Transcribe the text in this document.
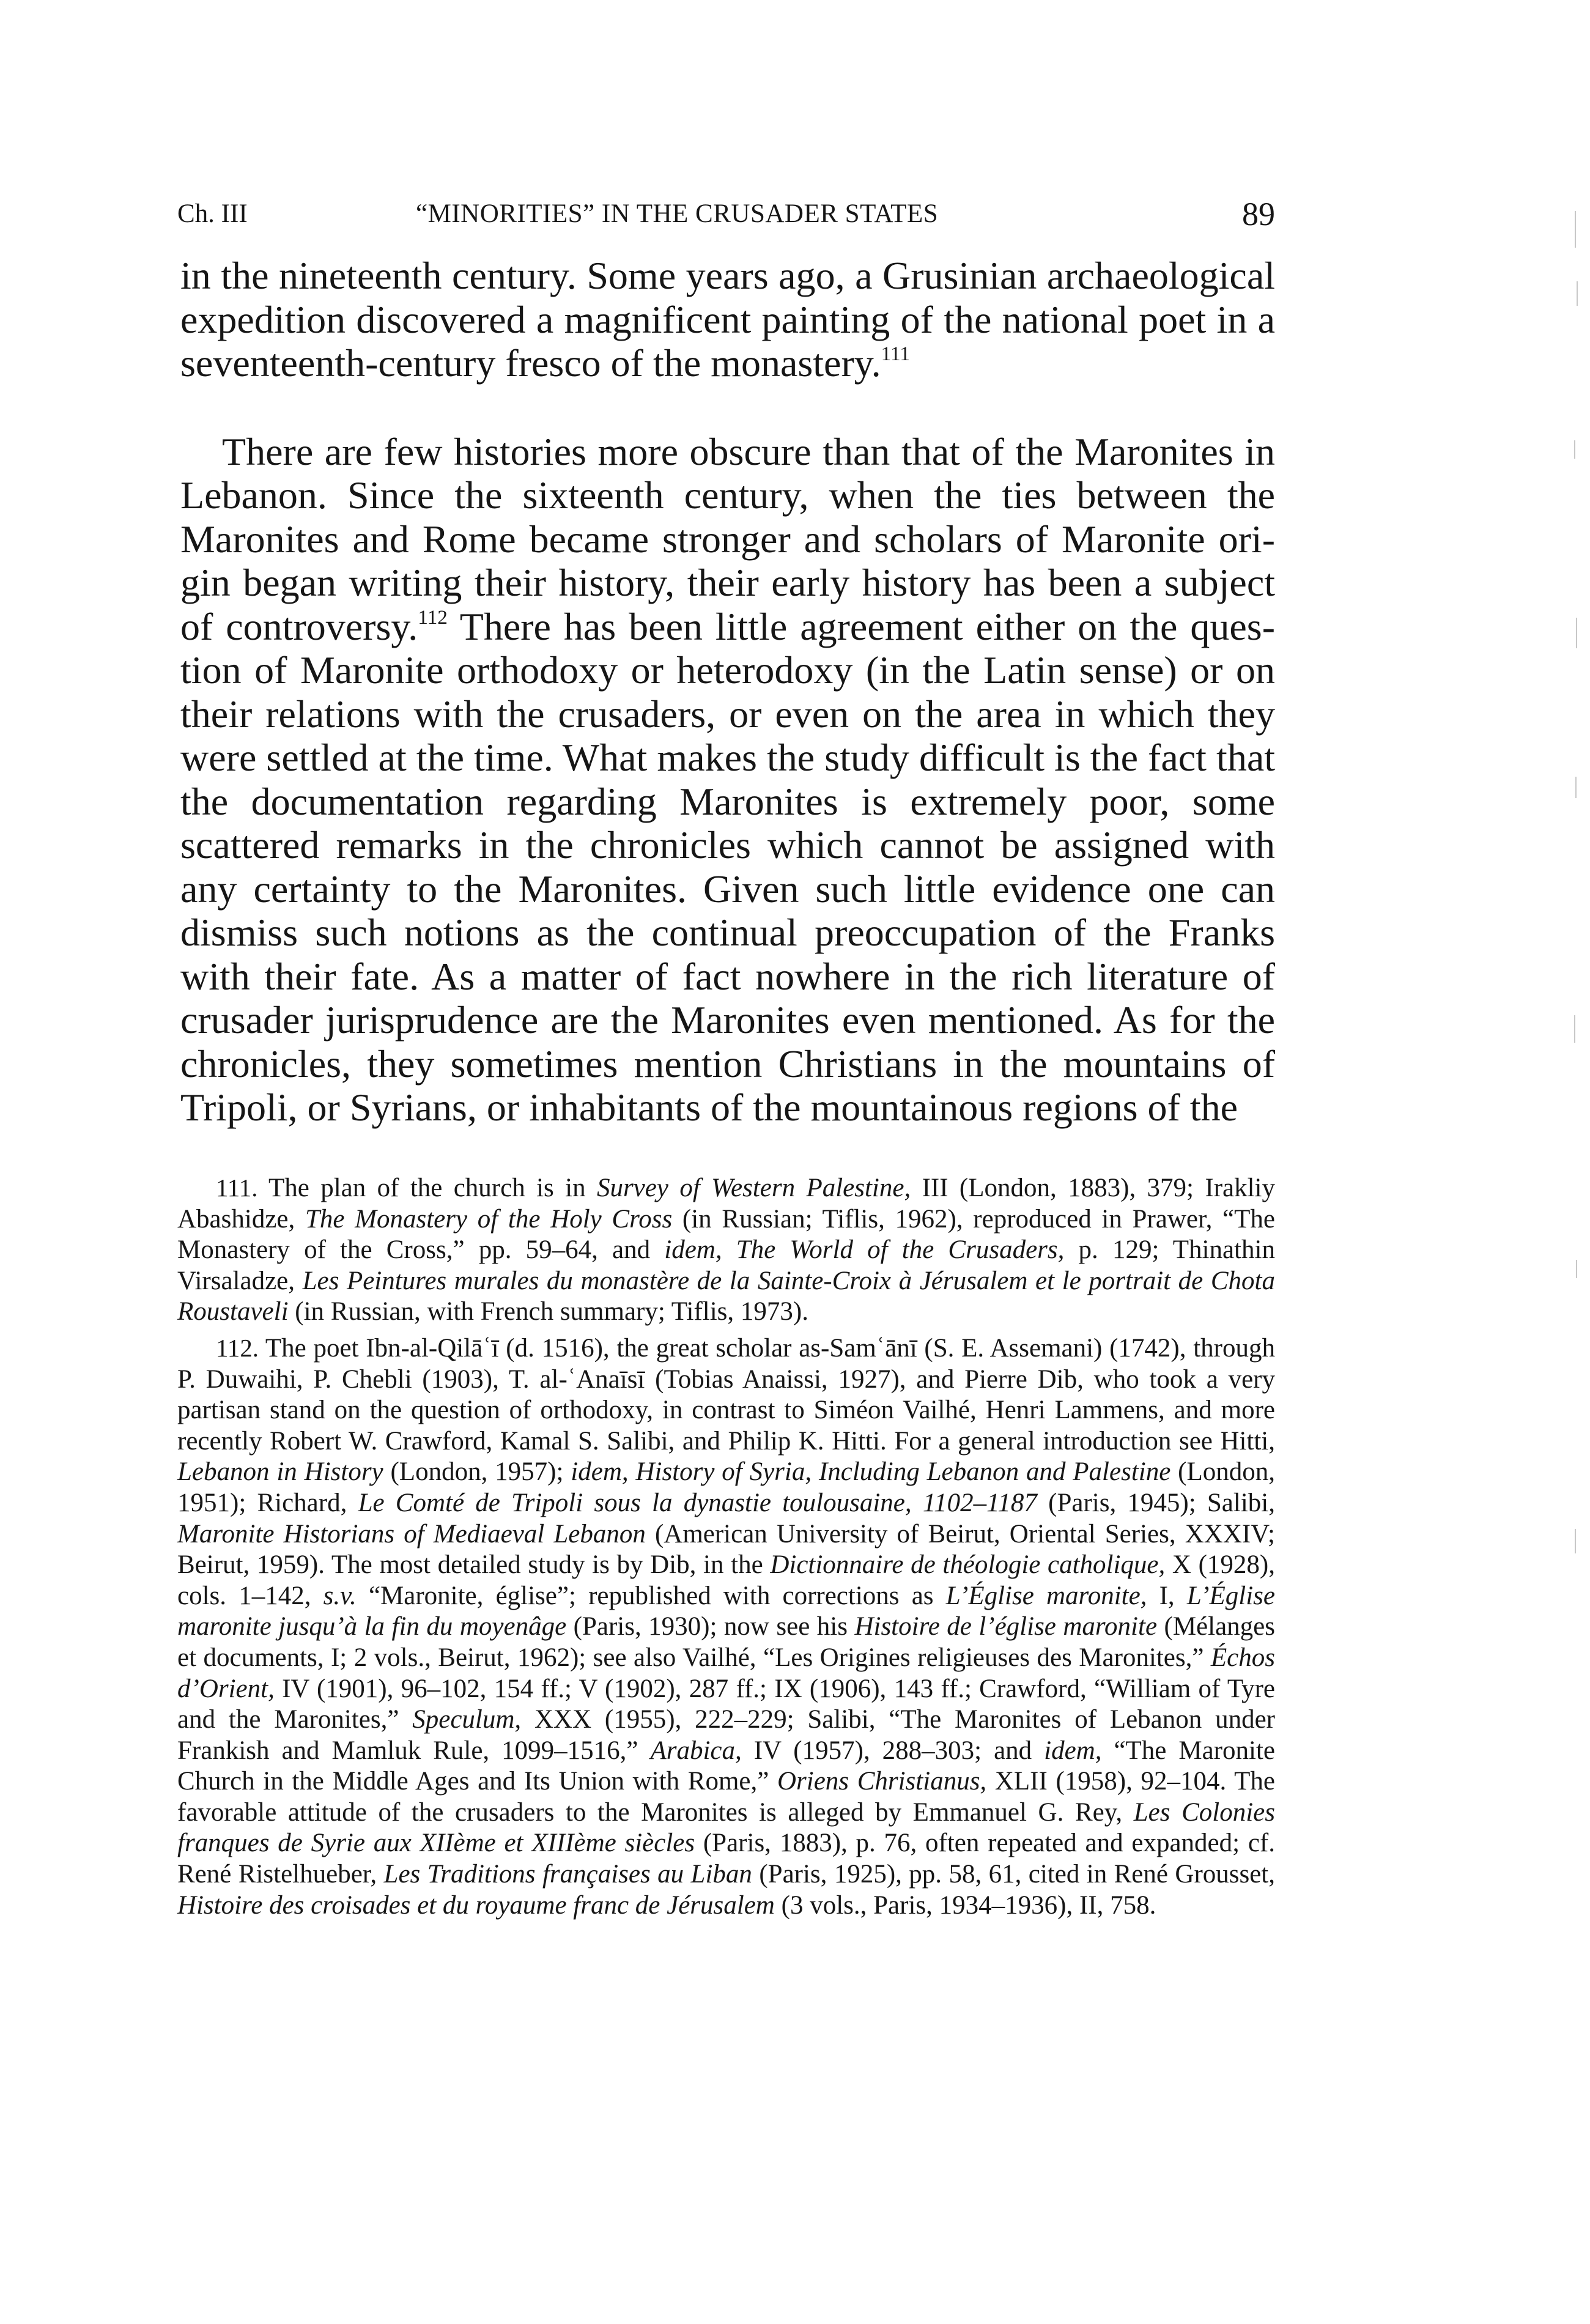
Ch. III	“MINORITIES” IN THE CRUSADER STATES	89

in the nineteenth century. Some years ago, a Grusinian archaeological expedition discovered a magnificent painting of the national poet in a seventeenth-century fresco of the monastery.$^{111}$

There are few histories more obscure than that of the Maronites in Lebanon. Since the sixteenth century, when the ties between the Maronites and Rome became stronger and scholars of Maronite origin began writing their history, their early history has been a subject of controversy.$^{112}$ There has been little agreement either on the question of Maronite orthodoxy or heterodoxy (in the Latin sense) or on their relations with the crusaders, or even on the area in which they were settled at the time. What makes the study difficult is the fact that the documentation regarding Maronites is extremely poor, some scattered remarks in the chronicles which cannot be assigned with any certainty to the Maronites. Given such little evidence one can dismiss such notions as the continual preoccupation of the Franks with their fate. As a matter of fact nowhere in the rich literature of crusader jurisprudence are the Maronites even mentioned. As for the chronicles, they sometimes mention Christians in the mountains of Tripoli, or Syrians, or inhabitants of the mountainous regions of the

111. The plan of the church is in Survey of Western Palestine, III (London, 1883), 379; Irakliy Abashidze, The Monastery of the Holy Cross (in Russian; Tiflis, 1962), reproduced in Prawer, “The Monastery of the Cross,” pp. 59–64, and idem, The World of the Crusaders, p. 129; Thinathin Virsaladze, Les Peintures murales du monastère de la Sainte-Croix à Jérusalem et le portrait de Chota Roustaveli (in Russian, with French summary; Tiflis, 1973).

112. The poet Ibn-al-Qilāʿī (d. 1516), the great scholar as-Samʿānī (S. E. Assemani) (1742), through P. Duwaihi, P. Chebli (1903), T. al-ʿAnaīsī (Tobias Anaissi, 1927), and Pierre Dib, who took a very partisan stand on the question of orthodoxy, in contrast to Siméon Vailhé, Henri Lammens, and more recently Robert W. Crawford, Kamal S. Salibi, and Philip K. Hitti. For a general introduction see Hitti, Lebanon in History (London, 1957); idem, History of Syria, Including Lebanon and Palestine (London, 1951); Richard, Le Comté de Tripoli sous la dynastie toulousaine, 1102–1187 (Paris, 1945); Salibi, Maronite Historians of Mediaeval Lebanon (American University of Beirut, Oriental Series, XXXIV; Beirut, 1959). The most detailed study is by Dib, in the Dictionnaire de théologie catholique, X (1928), cols. 1–142, s.v. “Maronite, église”; republished with corrections as L’Église maronite, I, L’Église maronite jusqu’à la fin du moyenâge (Paris, 1930); now see his Histoire de l’église maronite (Mélanges et documents, I; 2 vols., Beirut, 1962); see also Vailhé, “Les Origines religieuses des Maronites,” Échos d’Orient, IV (1901), 96–102, 154 ff.; V (1902), 287 ff.; IX (1906), 143 ff.; Crawford, “William of Tyre and the Maronites,” Speculum, XXX (1955), 222–229; Salibi, “The Maronites of Lebanon under Frankish and Mamluk Rule, 1099–1516,” Arabica, IV (1957), 288–303; and idem, “The Maronite Church in the Middle Ages and Its Union with Rome,” Oriens Christianus, XLII (1958), 92–104. The favorable attitude of the crusaders to the Maronites is alleged by Emmanuel G. Rey, Les Colonies franques de Syrie aux XIIème et XIIIème siècles (Paris, 1883), p. 76, often repeated and expanded; cf. René Ristelhueber, Les Traditions françaises au Liban (Paris, 1925), pp. 58, 61, cited in René Grousset, Histoire des croisades et du royaume franc de Jérusalem (3 vols., Paris, 1934–1936), II, 758.
